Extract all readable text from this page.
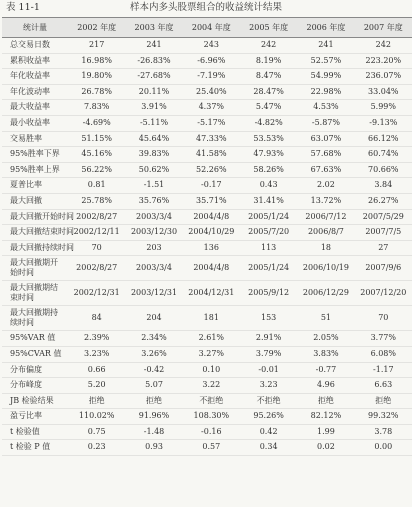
表 11-1	样本内多头股票组合的收益统计结果
统计量	2002 年度	2003 年度	2004 年度	2005 年度	2006 年度	2007 年度
总交易日数	217	241	243	242	241	242
累积收益率	16.98%	-26.83%	-6.96%	8.19%	52.57%	223.20%
年化收益率	19.80%	-27.68%	-7.19%	8.47%	54.99%	236.07%
年化波动率	26.78%	20.11%	25.40%	28.47%	22.98%	33.04%
最大收益率	7.83%	3.91%	4.37%	5.47%	4.53%	5.99%
最小收益率	-4.69%	-5.11%	-5.17%	-4.82%	-5.87%	-9.13%
交易胜率	51.15%	45.64%	47.33%	53.53%	63.07%	66.12%
95%胜率下界	45.16%	39.83%	41.58%	47.93%	57.68%	60.74%
95%胜率上界	56.22%	50.62%	52.26%	58.26%	67.63%	70.66%
夏普比率	0.81	-1.51	-0.17	0.43	2.02	3.84
最大回撤	25.78%	35.76%	35.71%	31.41%	13.72%	26.27%
最大回撤开始时间	2002/8/27	2003/3/4	2004/4/8	2005/1/24	2006/7/12	2007/5/29
最大回撤结束时间	2002/12/11	2003/12/30	2004/10/29	2005/7/20	2006/8/7	2007/7/5
最大回撤持续时间	70	203	136	113	18	27
最大回撤期开始时间	2002/8/27	2003/3/4	2004/4/8	2005/1/24	2006/10/19	2007/9/6
最大回撤期结束时间	2002/12/31	2003/12/31	2004/12/31	2005/9/12	2006/12/29	2007/12/20
最大回撤期持续时间	84	204	181	153	51	70
95%VAR 值	2.39%	2.34%	2.61%	2.91%	2.05%	3.77%
95%CVAR 值	3.23%	3.26%	3.27%	3.79%	3.83%	6.08%
分布偏度	0.66	-0.42	0.10	-0.01	-0.77	-1.17
分布峰度	5.20	5.07	3.22	3.23	4.96	6.63
JB 检验结果	拒绝	拒绝	不拒绝	不拒绝	拒绝	拒绝
盈亏比率	110.02%	91.96%	108.30%	95.26%	82.12%	99.32%
t 检验值	0.75	-1.48	-0.16	0.42	1.99	3.78
t 检验 P 值	0.23	0.93	0.57	0.34	0.02	0.00
